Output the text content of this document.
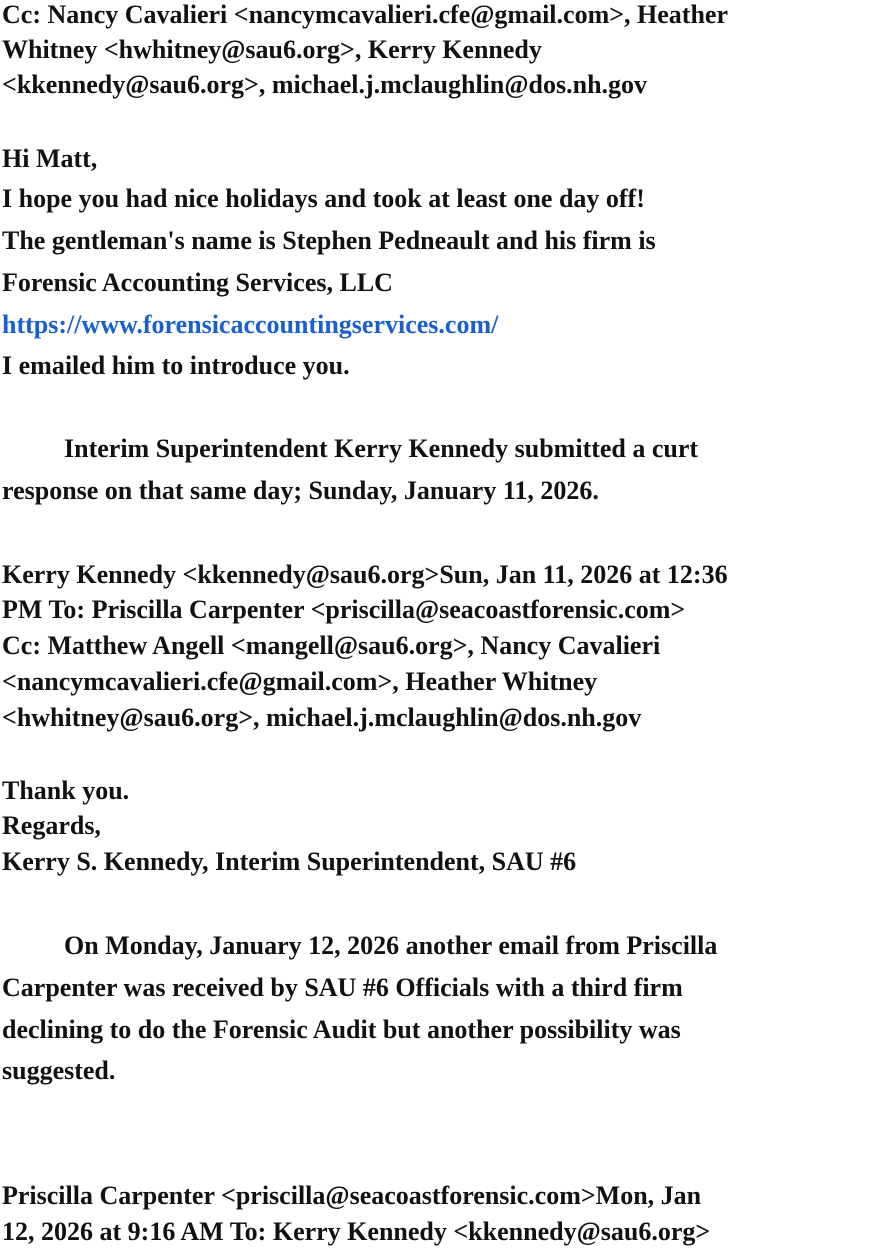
Cc: Nancy Cavalieri <nancymcavalieri.cfe@gmail.com>, Heather
Whitney <hwhitney@sau6.org>, Kerry Kennedy
<kkennedy@sau6.org>, michael.j.mclaughlin@dos.nh.gov
Hi Matt,
I hope you had nice holidays and took at least one day off!
The gentleman's name is Stephen Pedneault and his firm is
Forensic Accounting Services, LLC
https://www.forensicaccountingservices.com/
I emailed him to introduce you.
Interim Superintendent Kerry Kennedy submitted a curt
response on that same day; Sunday, January 11, 2026.
Kerry Kennedy <kkennedy@sau6.org>Sun, Jan 11, 2026 at 12:36
PM To: Priscilla Carpenter <priscilla@seacoastforensic.com>
Cc: Matthew Angell <mangell@sau6.org>, Nancy Cavalieri
<nancymcavalieri.cfe@gmail.com>, Heather Whitney
<hwhitney@sau6.org>, michael.j.mclaughlin@dos.nh.gov
Thank you.
Regards,
Kerry S. Kennedy, Interim Superintendent, SAU #6
On Monday, January 12, 2026 another email from Priscilla
Carpenter was received by SAU #6 Officials with a third firm
declining to do the Forensic Audit but another possibility was
suggested.
Priscilla Carpenter <priscilla@seacoastforensic.com>Mon, Jan
12, 2026 at 9:16 AM To: Kerry Kennedy <kkennedy@sau6.org>
